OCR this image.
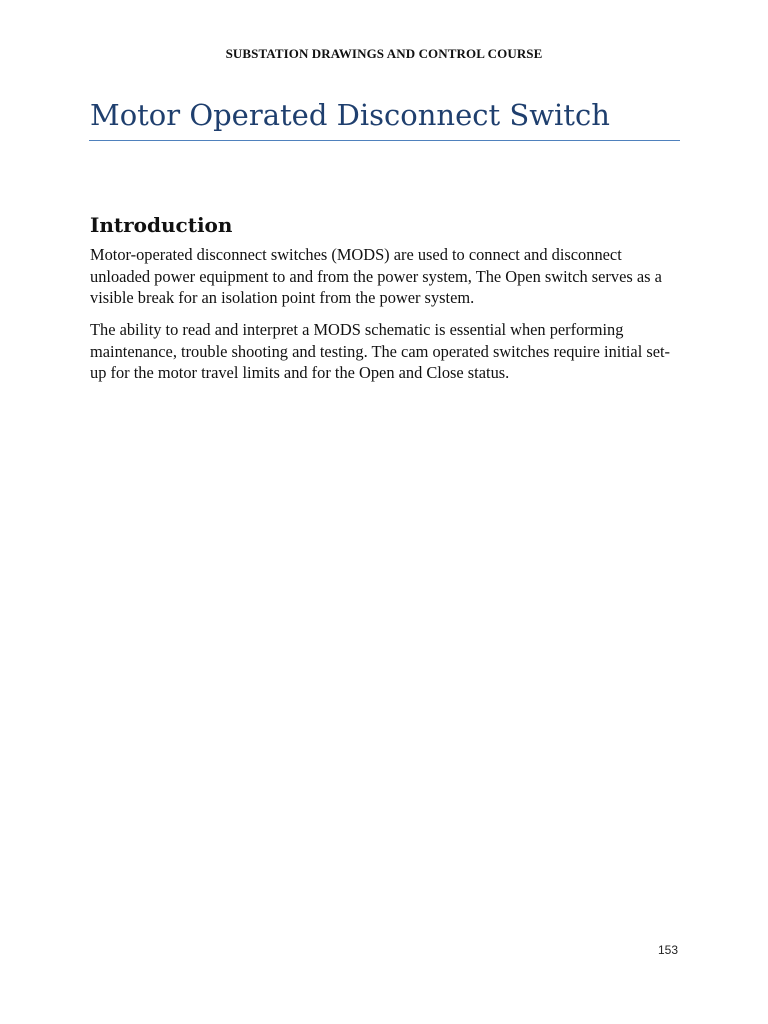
SUBSTATION DRAWINGS AND CONTROL COURSE
Motor Operated Disconnect Switch
Introduction

Motor-operated disconnect switches (MODS) are used to connect and disconnect unloaded power equipment to and from the power system, The Open switch serves as a visible break for an isolation point from the power system.

The ability to read and interpret a MODS schematic is essential when performing maintenance, trouble shooting and testing. The cam operated switches require initial set-up for the motor travel limits and for the Open and Close status.

153
